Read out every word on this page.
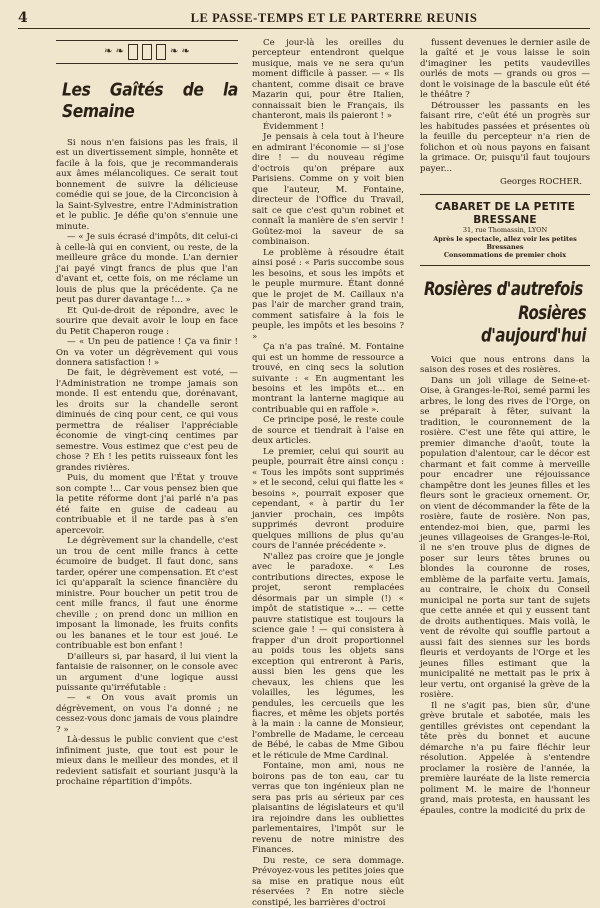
4	LE PASSE-TEMPS ET LE PARTERRE REUNIS
❧ ❧	❧ ❧
Les Gaîtés de la Semaine

Si nous n'en faisions pas les frais, il est un divertissement simple, honnête et facile à la fois, que je recommanderais aux âmes mélancoliques. Ce serait tout bonnement de suivre la délicieuse comédie qui se joue, de la Circoncision à la Saint-Sylvestre, entre l'Administration et le public. Je défie qu'on s'ennuie une minute.

— « Je suis écrasé d'impôts, dit celui-ci à celle-là qui en convient, ou reste, de la meilleure grâce du monde. L'an dernier j'ai payé vingt francs de plus que l'an d'avant et, cette fois, on me réclame un louis de plus que la précédente. Ça ne peut pas durer davantage !... »

Et Qui-de-droit de répondre, avec le sourire que devait avoir le loup en face du Petit Chaperon rouge :

— « Un peu de patience ! Ça va finir ! On va voter un dégrèvement qui vous donnera satisfaction ! »

De fait, le dégrèvement est voté, — l'Administration ne trompe jamais son monde. Il est entendu que, dorénavant, les droits sur la chandelle seront diminués de cinq pour cent, ce qui vous permettra de réaliser l'appréciable économie de vingt-cinq centimes par semestre. Vous estimez que c'est peu de chose ? Eh ! les petits ruisseaux font les grandes rivières.

Puis, du moment que l'État y trouve son compte !... Car vous pensez bien que la petite réforme dont j'ai parlé n'a pas été faite en guise de cadeau au contribuable et il ne tarde pas à s'en apercevoir.

Le dégrèvement sur la chandelle, c'est un trou de cent mille francs à cette écumoire de budget. Il faut donc, sans tarder, opérer une compensation. Et c'est ici qu'apparaît la science financière du ministre. Pour boucher un petit trou de cent mille francs, il faut une énorme cheville ; on prend donc un million en imposant la limonade, les fruits confits ou les bananes et le tour est joué. Le contribuable est bon enfant !

D'ailleurs si, par hasard, il lui vient la fantaisie de raisonner, on le console avec un argument d'une logique aussi puissante qu'irréfutable :

— « On vous avait promis un dégrèvement, on vous l'a donné ; ne cessez-vous donc jamais de vous plaindre ? »

Là-dessus le public convient que c'est infiniment juste, que tout est pour le mieux dans le meilleur des mondes, et il redevient satisfait et souriant jusqu'à la prochaine répartition d'impôts.

Ce jour-là les oreilles du percepteur entendront quelque musique, mais ve ne sera qu'un moment difficile à passer. — « Ils chantent, comme disait ce brave Mazarin qui, pour être Italien, connaissait bien le Français, ils chanteront, mais ils paieront ! »

Évidemment !

Je pensais à cela tout à l'heure en admirant l'économie — si j'ose dire ! — du nouveau régime d'octrois qu'on prépare aux Parisiens. Comme on y voit bien que l'auteur, M. Fontaine, directeur de l'Office du Travail, sait ce que c'est qu'un robinet et connaît la manière de s'en servir ! Goûtez-moi la saveur de sa combinaison.

Le problème à résoudre était ainsi posé : « Paris succombe sous les besoins, et sous les impôts et le peuple murmure. Étant donné que le projet de M. Caillaux n'a pas l'air de marcher grand train, comment satisfaire à la fois le peuple, les impôts et les besoins ? »

Ça n'a pas traîné. M. Fontaine qui est un homme de ressource a trouvé, en cinq secs la solution suivante : « En augmentant les besoins et les impôts et... en montrant la lanterne magique au contribuable qui en raffole ».

Ce principe posé, le reste coule de source et tiendrait à l'aise en deux articles.

Le premier, celui qui sourit au peuple, pourrait être ainsi conçu : « Tous les impôts sont supprimés » et le second, celui qui flatte les « besoins », pourrait exposer que cependant, « à partir du 1er janvier prochain, ces impôts supprimés devront produire quelques millions de plus qu'au cours de l'année précédente ».

N'allez pas croire que je jongle avec le paradoxe. « Les contributions directes, expose le projet, seront remplacées désormais par un simple (!) « impôt de statistique »... — cette pauvre statistique est toujours la science gaie ! — qui consistera à frapper d'un droit proportionnel au poids tous les objets sans exception qui entreront à Paris, aussi bien les gens que les chevaux, les chiens que les volailles, les légumes, les pendules, les cercueils que les fiacres, et même les objets portés à la main : la canne de Monsieur, l'ombrelle de Madame, le cerceau de Bébé, le cabas de Mme Gibou et le réticule de Mme Cardinal.

Fontaine, mon ami, nous ne boirons pas de ton eau, car tu verras que ton ingénieux plan ne sera pas pris au sérieux par ces plaisantins de législateurs et qu'il ira rejoindre dans les oubliettes parlementaires, l'impôt sur le revenu de notre ministre des Finances.

Du reste, ce sera dommage. Prévoyez-vous les petites joies que sa mise en pratique nous eût réservées ? En notre siècle constipé, les barrières d'octroi

fussent devenues le dernier asile de la gaîté et je vous laisse le soin d'imaginer les petits vaudevilles ourlés de mots — grands ou gros — dont le voisinage de la bascule eût été le théâtre ?

Détrousser les passants en les faisant rire, c'eût été un progrès sur les habitudes passées et présentes où la feuille du percepteur n'a rien de folichon et où nous payons en faisant la grimace. Or, puisqu'il faut toujours payer...

Georges ROCHER.
CABARET DE LA PETITE BRESSANE
31, rue Thomassin, LYON
Après le spectacle, allez voir les petites Bressanes
Consommations de premier choix
Rosières d'autrefois
Rosières d'aujourd'hui

Voici que nous entrons dans la saison des roses et des rosières.

Dans un joli village de Seine-et-Oise, à Granges-le-Roi, semé parmi les arbres, le long des rives de l'Orge, on se préparait à fêter, suivant la tradition, le couronnement de la rosière. C'est une fête qui attire, le premier dimanche d'août, toute la population d'alentour, car le décor est charmant et fait comme à merveille pour encadrer une réjouissance champêtre dont les jeunes filles et les fleurs sont le gracieux ornement. Or, on vient de décommander la fête de la rosière, faute de rosière. Non pas, entendez-moi bien, que, parmi les jeunes villageoises de Granges-le-Roi, il ne s'en trouve plus de dignes de poser sur leurs têtes brunes ou blondes la couronne de roses, emblème de la parfaite vertu. Jamais, au contraire, le choix du Conseil municipal ne porta sur tant de sujets que cette année et qui y eussent tant de droits authentiques. Mais voilà, le vent de révolte qui souffle partout a aussi fait des siennes sur les bords fleuris et verdoyants de l'Orge et les jeunes filles estimant que la municipalité ne mettait pas le prix à leur vertu, ont organisé la grève de la rosière.

Il ne s'agit pas, bien sûr, d'une grève brutale et sabotée, mais les gentilles grévistes ont cependant la tête près du bonnet et aucune démarche n'a pu faire fléchir leur résolution. Appelée à s'entendre proclamer la rosière de l'année, la première lauréate de la liste remercia poliment M. le maire de l'honneur grand, mais protesta, en haussant les épaules, contre la modicité du prix de
